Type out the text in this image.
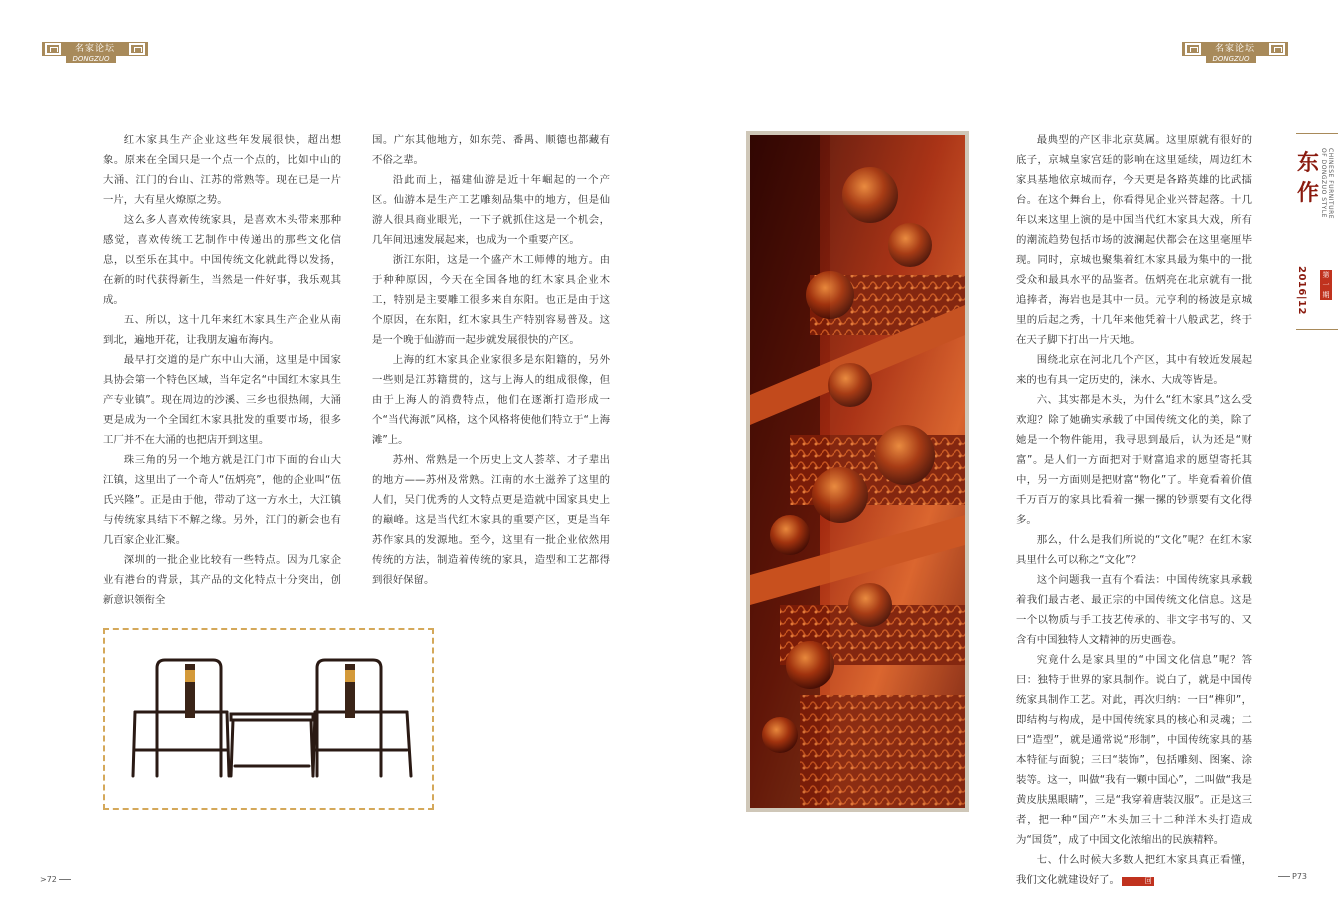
名家论坛
DONGZUO
名家论坛
DONGZUO

红木家具生产企业这些年发展很快，超出想象。原来在全国只是一个点一个点的，比如中山的大涌、江门的台山、江苏的常熟等。现在已是一片一片，大有星火燎原之势。

这么多人喜欢传统家具，是喜欢木头带来那种感觉，喜欢传统工艺制作中传递出的那些文化信息，以至乐在其中。中国传统文化就此得以发扬，在新的时代获得新生，当然是一件好事，我乐观其成。

五、所以，这十几年来红木家具生产企业从南到北，遍地开花，让我朋友遍布海内。

最早打交道的是广东中山大涌，这里是中国家具协会第一个特色区域，当年定名“中国红木家具生产专业镇”。现在周边的沙溪、三乡也很热闹，大涌更是成为一个全国红木家具批发的重要市场，很多工厂并不在大涌的也把店开到这里。

珠三角的另一个地方就是江门市下面的台山大江镇，这里出了一个奇人“伍炳亮”，他的企业叫“伍氏兴隆”。正是由于他，带动了这一方水土，大江镇与传统家具结下不解之缘。另外，江门的新会也有几百家企业汇聚。

深圳的一批企业比较有一些特点。因为几家企业有港台的背景，其产品的文化特点十分突出，创新意识领衔全

国。广东其他地方，如东莞、番禺、顺德也都藏有不俗之辈。

沿此而上，福建仙游是近十年崛起的一个产区。仙游本是生产工艺雕刻品集中的地方，但是仙游人很具商业眼光，一下子就抓住这是一个机会，几年间迅速发展起来，也成为一个重要产区。

浙江东阳，这是一个盛产木工师傅的地方。由于种种原因，今天在全国各地的红木家具企业木工，特别是主要雕工很多来自东阳。也正是由于这个原因，在东阳，红木家具生产特别容易普及。这是一个晚于仙游而一起步就发展很快的产区。

上海的红木家具企业家很多是东阳籍的，另外一些则是江苏籍贯的，这与上海人的组成很像，但由于上海人的消费特点，他们在逐渐打造形成一个“当代海派”风格，这个风格将使他们特立于“上海滩”上。

苏州、常熟是一个历史上文人荟萃、才子辈出的地方——苏州及常熟。江南的水土滋养了这里的人们，吴门优秀的人文特点更是造就中国家具史上的巅峰。这是当代红木家具的重要产区，更是当年苏作家具的发源地。至今，这里有一批企业依然用传统的方法，制造着传统的家具，造型和工艺都得到很好保留。

最典型的产区非北京莫属。这里原就有很好的底子，京城皇家宫廷的影响在这里延续，周边红木家具基地依京城而存，今天更是各路英雄的比武擂台。在这个舞台上，你看得见企业兴替起落。十几年以来这里上演的是中国当代红木家具大戏，所有的潮流趋势包括市场的波澜起伏都会在这里毫厘毕现。同时，京城也聚集着红木家具最为集中的一批受众和最具水平的品鉴者。伍炳亮在北京就有一批追捧者，海岩也是其中一员。元亨利的杨波是京城里的后起之秀，十几年来他凭着十八般武艺，终于在天子脚下打出一片天地。

围绕北京在河北几个产区，其中有较近发展起来的也有具一定历史的，涞水、大成等皆是。

六、其实都是木头，为什么“红木家具”这么受欢迎？除了她确实承载了中国传统文化的美，除了她是一个物件能用，我寻思到最后，认为还是“财富”。是人们一方面把对于财富追求的愿望寄托其中，另一方面则是把财富“物化”了。毕竟看着价值千万百万的家具比看着一摞一摞的钞票要有文化得多。

那么，什么是我们所说的“文化”呢？在红木家具里什么可以称之“文化”？

这个问题我一直有个看法：中国传统家具承载着我们最古老、最正宗的中国传统文化信息。这是一个以物质与手工技艺传承的、非文字书写的、又含有中国独特人文精神的历史画卷。

究竟什么是家具里的“中国文化信息”呢？答曰：独特于世界的家具制作。说白了，就是中国传统家具制作工艺。对此，再次归纳：一曰“榫卯”，即结构与构成，是中国传统家具的核心和灵魂；二曰“造型”，就是通常说“形制”，中国传统家具的基本特征与面貌；三曰“装饰”，包括雕刻、图案、涂装等。这一，叫做“我有一颗中国心”，二叫做“我是黄皮肤黑眼睛”，三是“我穿着唐装汉服”。正是这三者，把一种“国产”木头加三十二种洋木头打造成为“国货”，成了中国文化浓缩出的民族精粹。

七、什么时候大多数人把红木家具真正看懂，我们文化就建设好了。	回

东作	CHINESE FURNITURE OF DONGZUO STYLE
第一期
2016|12
>72	P73
